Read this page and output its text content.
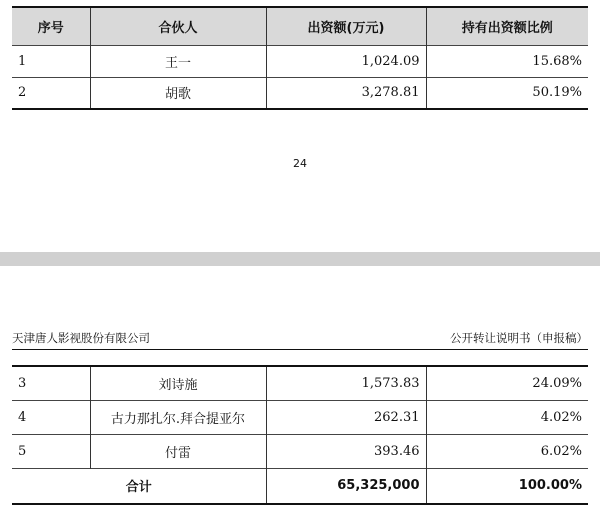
序号	合伙人	出资额(万元)	持有出资额比例
1	王一	1,024.09	15.68%
2	胡歌	3,278.81	50.19%
24
天津唐人影视股份有限公司	公开转让说明书（申报稿）
3	刘诗施	1,573.83	24.09%
4	古力那扎尔.拜合提亚尔	262.31	4.02%
5	付雷	393.46	6.02%
合计		65,325,000	100.00%
